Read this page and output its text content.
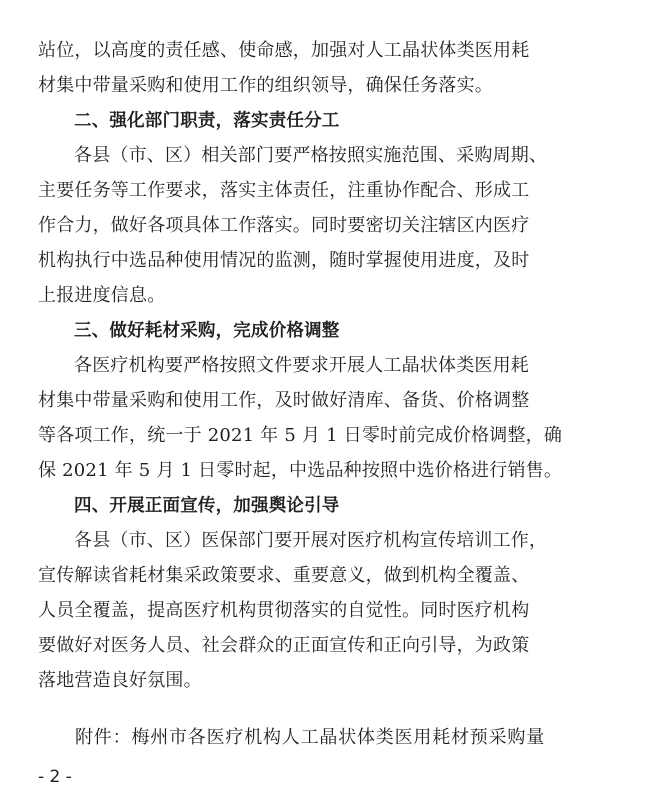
站位，以高度的责任感、使命感，加强对人工晶状体类医用耗
材集中带量采购和使用工作的组织领导，确保任务落实。
二、强化部门职责，落实责任分工
各县（市、区）相关部门要严格按照实施范围、采购周期、
主要任务等工作要求，落实主体责任，注重协作配合、形成工
作合力，做好各项具体工作落实。同时要密切关注辖区内医疗
机构执行中选品种使用情况的监测，随时掌握使用进度，及时
上报进度信息。
三、做好耗材采购，完成价格调整
各医疗机构要严格按照文件要求开展人工晶状体类医用耗
材集中带量采购和使用工作，及时做好清库、备货、价格调整
等各项工作，统一于 2021 年 5 月 1 日零时前完成价格调整，确
保 2021 年 5 月 1 日零时起，中选品种按照中选价格进行销售。
四、开展正面宣传，加强舆论引导
各县（市、区）医保部门要开展对医疗机构宣传培训工作，
宣传解读省耗材集采政策要求、重要意义，做到机构全覆盖、
人员全覆盖，提高医疗机构贯彻落实的自觉性。同时医疗机构
要做好对医务人员、社会群众的正面宣传和正向引导，为政策
落地营造良好氛围。
附件：梅州市各医疗机构人工晶状体类医用耗材预采购量
- 2 -
